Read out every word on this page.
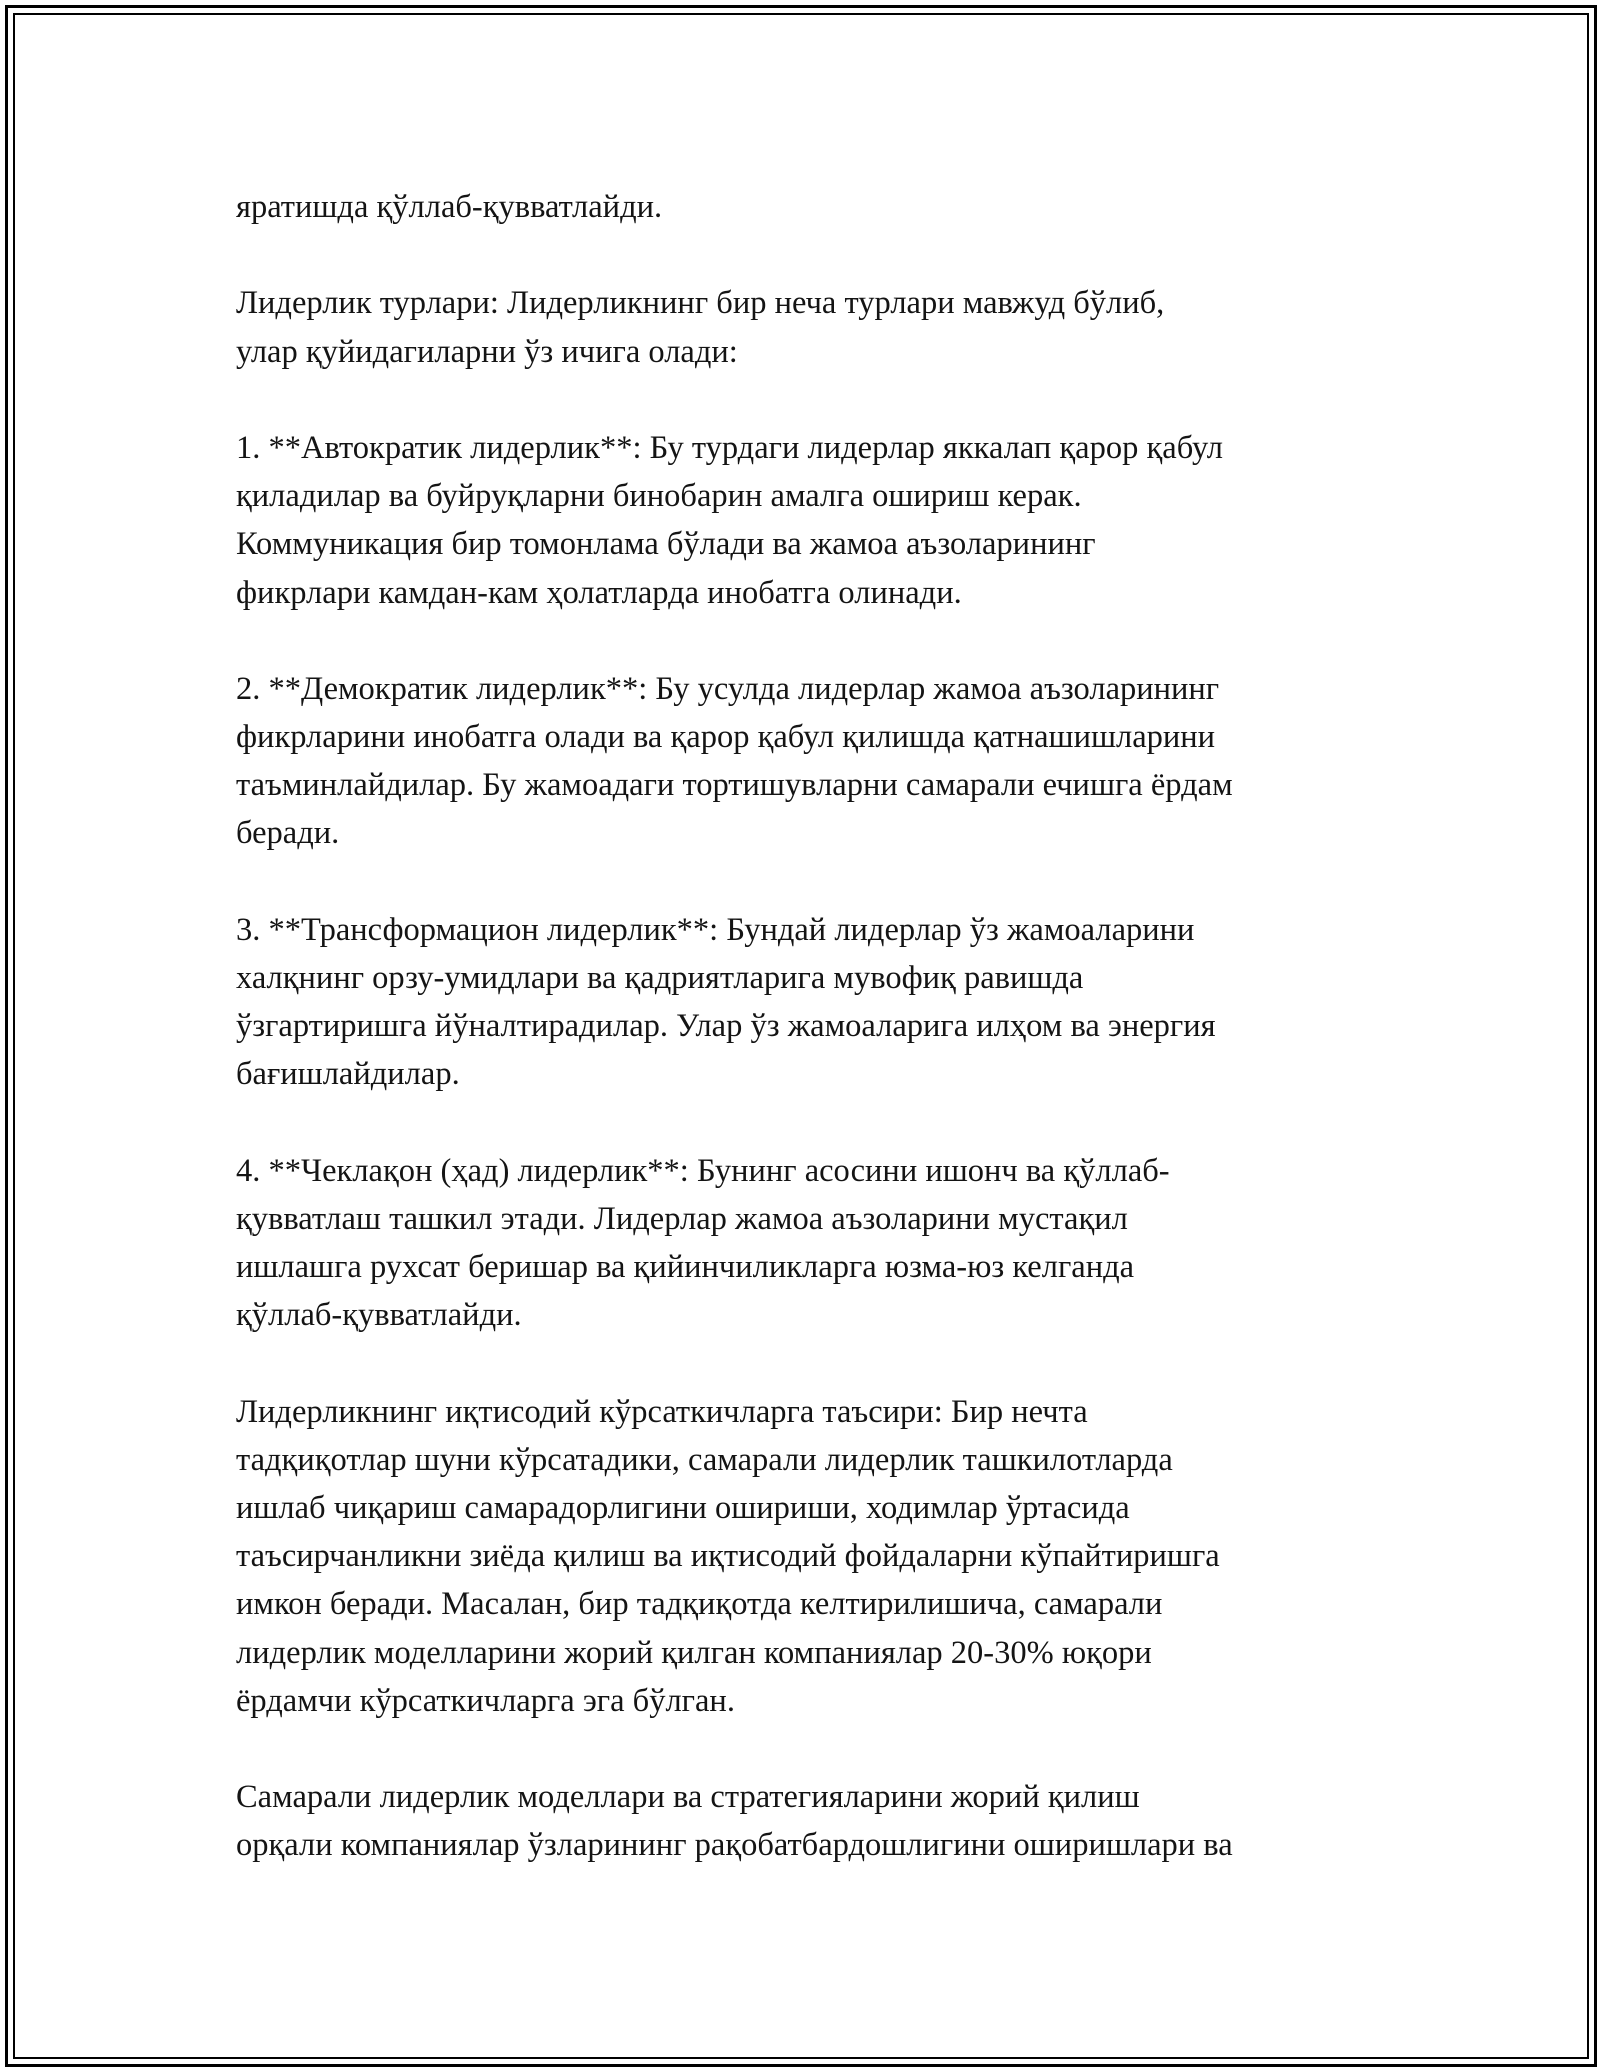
яратишда қўллаб-қувватлайди.
Лидерлик турлари: Лидерликнинг бир неча турлари мавжуд бўлиб,
улар қуйидагиларни ўз ичига олади:
1. **Автократик лидерлик**: Бу турдаги лидерлар яккалап қарор қабул
қиладилар ва буйруқларни бинобарин амалга ошириш керак.
Коммуникация бир томонлама бўлади ва жамоа аъзоларининг
фикрлари камдан-кам ҳолатларда инобатга олинади.
2. **Демократик лидерлик**: Бу усулда лидерлар жамоа аъзоларининг
фикрларини инобатга олади ва қарор қабул қилишда қатнашишларини
таъминлайдилар. Бу жамоадаги тортишувларни самарали ечишга ёрдам
беради.
3. **Трансформацион лидерлик**: Бундай лидерлар ўз жамоаларини
халқнинг орзу-умидлари ва қадриятларига мувофиқ равишда
ўзгартиришга йўналтирадилар. Улар ўз жамоаларига илҳом ва энергия
бағишлайдилар.
4. **Чеклақон (ҳад) лидерлик**: Бунинг асосини ишонч ва қўллаб-
қувватлаш ташкил этади. Лидерлар жамоа аъзоларини мустақил
ишлашга рухсат беришар ва қийинчиликларга юзма-юз келганда
қўллаб-қувватлайди.
Лидерликнинг иқтисодий кўрсаткичларга таъсири: Бир нечта
тадқиқотлар шуни кўрсатадики, самарали лидерлик ташкилотларда
ишлаб чиқариш самарадорлигини ошириши, ходимлар ўртасида
таъсирчанликни зиёда қилиш ва иқтисодий фойдаларни кўпайтиришга
имкон беради. Масалан, бир тадқиқотда келтирилишича, самарали
лидерлик моделларини жорий қилган компаниялар 20-30% юқори
ёрдамчи кўрсаткичларга эга бўлган.
Самарали лидерлик моделлари ва стратегияларини жорий қилиш
орқали компаниялар ўзларининг рақобатбардошлигини оширишлари ва
